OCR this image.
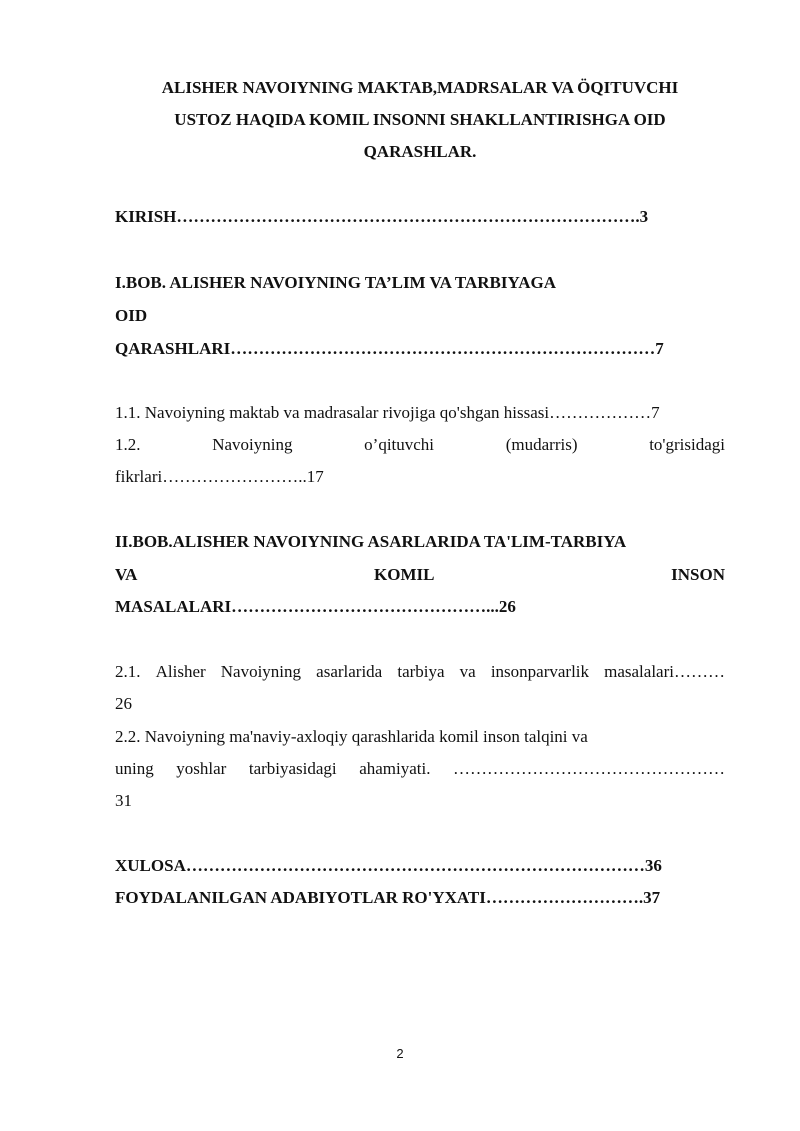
ALISHER NAVOIYNING MAKTAB,MADRSALAR VA ÖQITUVCHI
USTOZ HAQIDA KOMIL INSONNI SHAKLLANTIRISHGA OID
QARASHLAR.
KIRISH……………………………………………………………………….3
I.BOB. ALISHER NAVOIYNING TA’LIM VA TARBIYAGA
OID
QARASHLARI…………………………………………………………………7
1.1. Navoiyning maktab va madrasalar rivojiga qo'shgan hissasi………………7
1.2.	Navoiyning	o’qituvchi	(mudarris)	to'grisidagi
fikrlari……………………..17
II.BOB.ALISHER NAVOIYNING ASARLARIDA TA'LIM-TARBIYA
VA	KOMIL	INSON
MASALALARI………………………………………...26
2.1. Alisher Navoiyning asarlarida tarbiya va insonparvarlik masalalari………
26
2.2. Navoiyning ma'naviy-axloqiy qarashlarida komil inson talqini va
uning yoshlar tarbiyasidagi ahamiyati. …………………………………………
31
XULOSA………………………………………………………………………36
FOYDALANILGAN ADABIYOTLAR RO'YXATI……………………….37
2
